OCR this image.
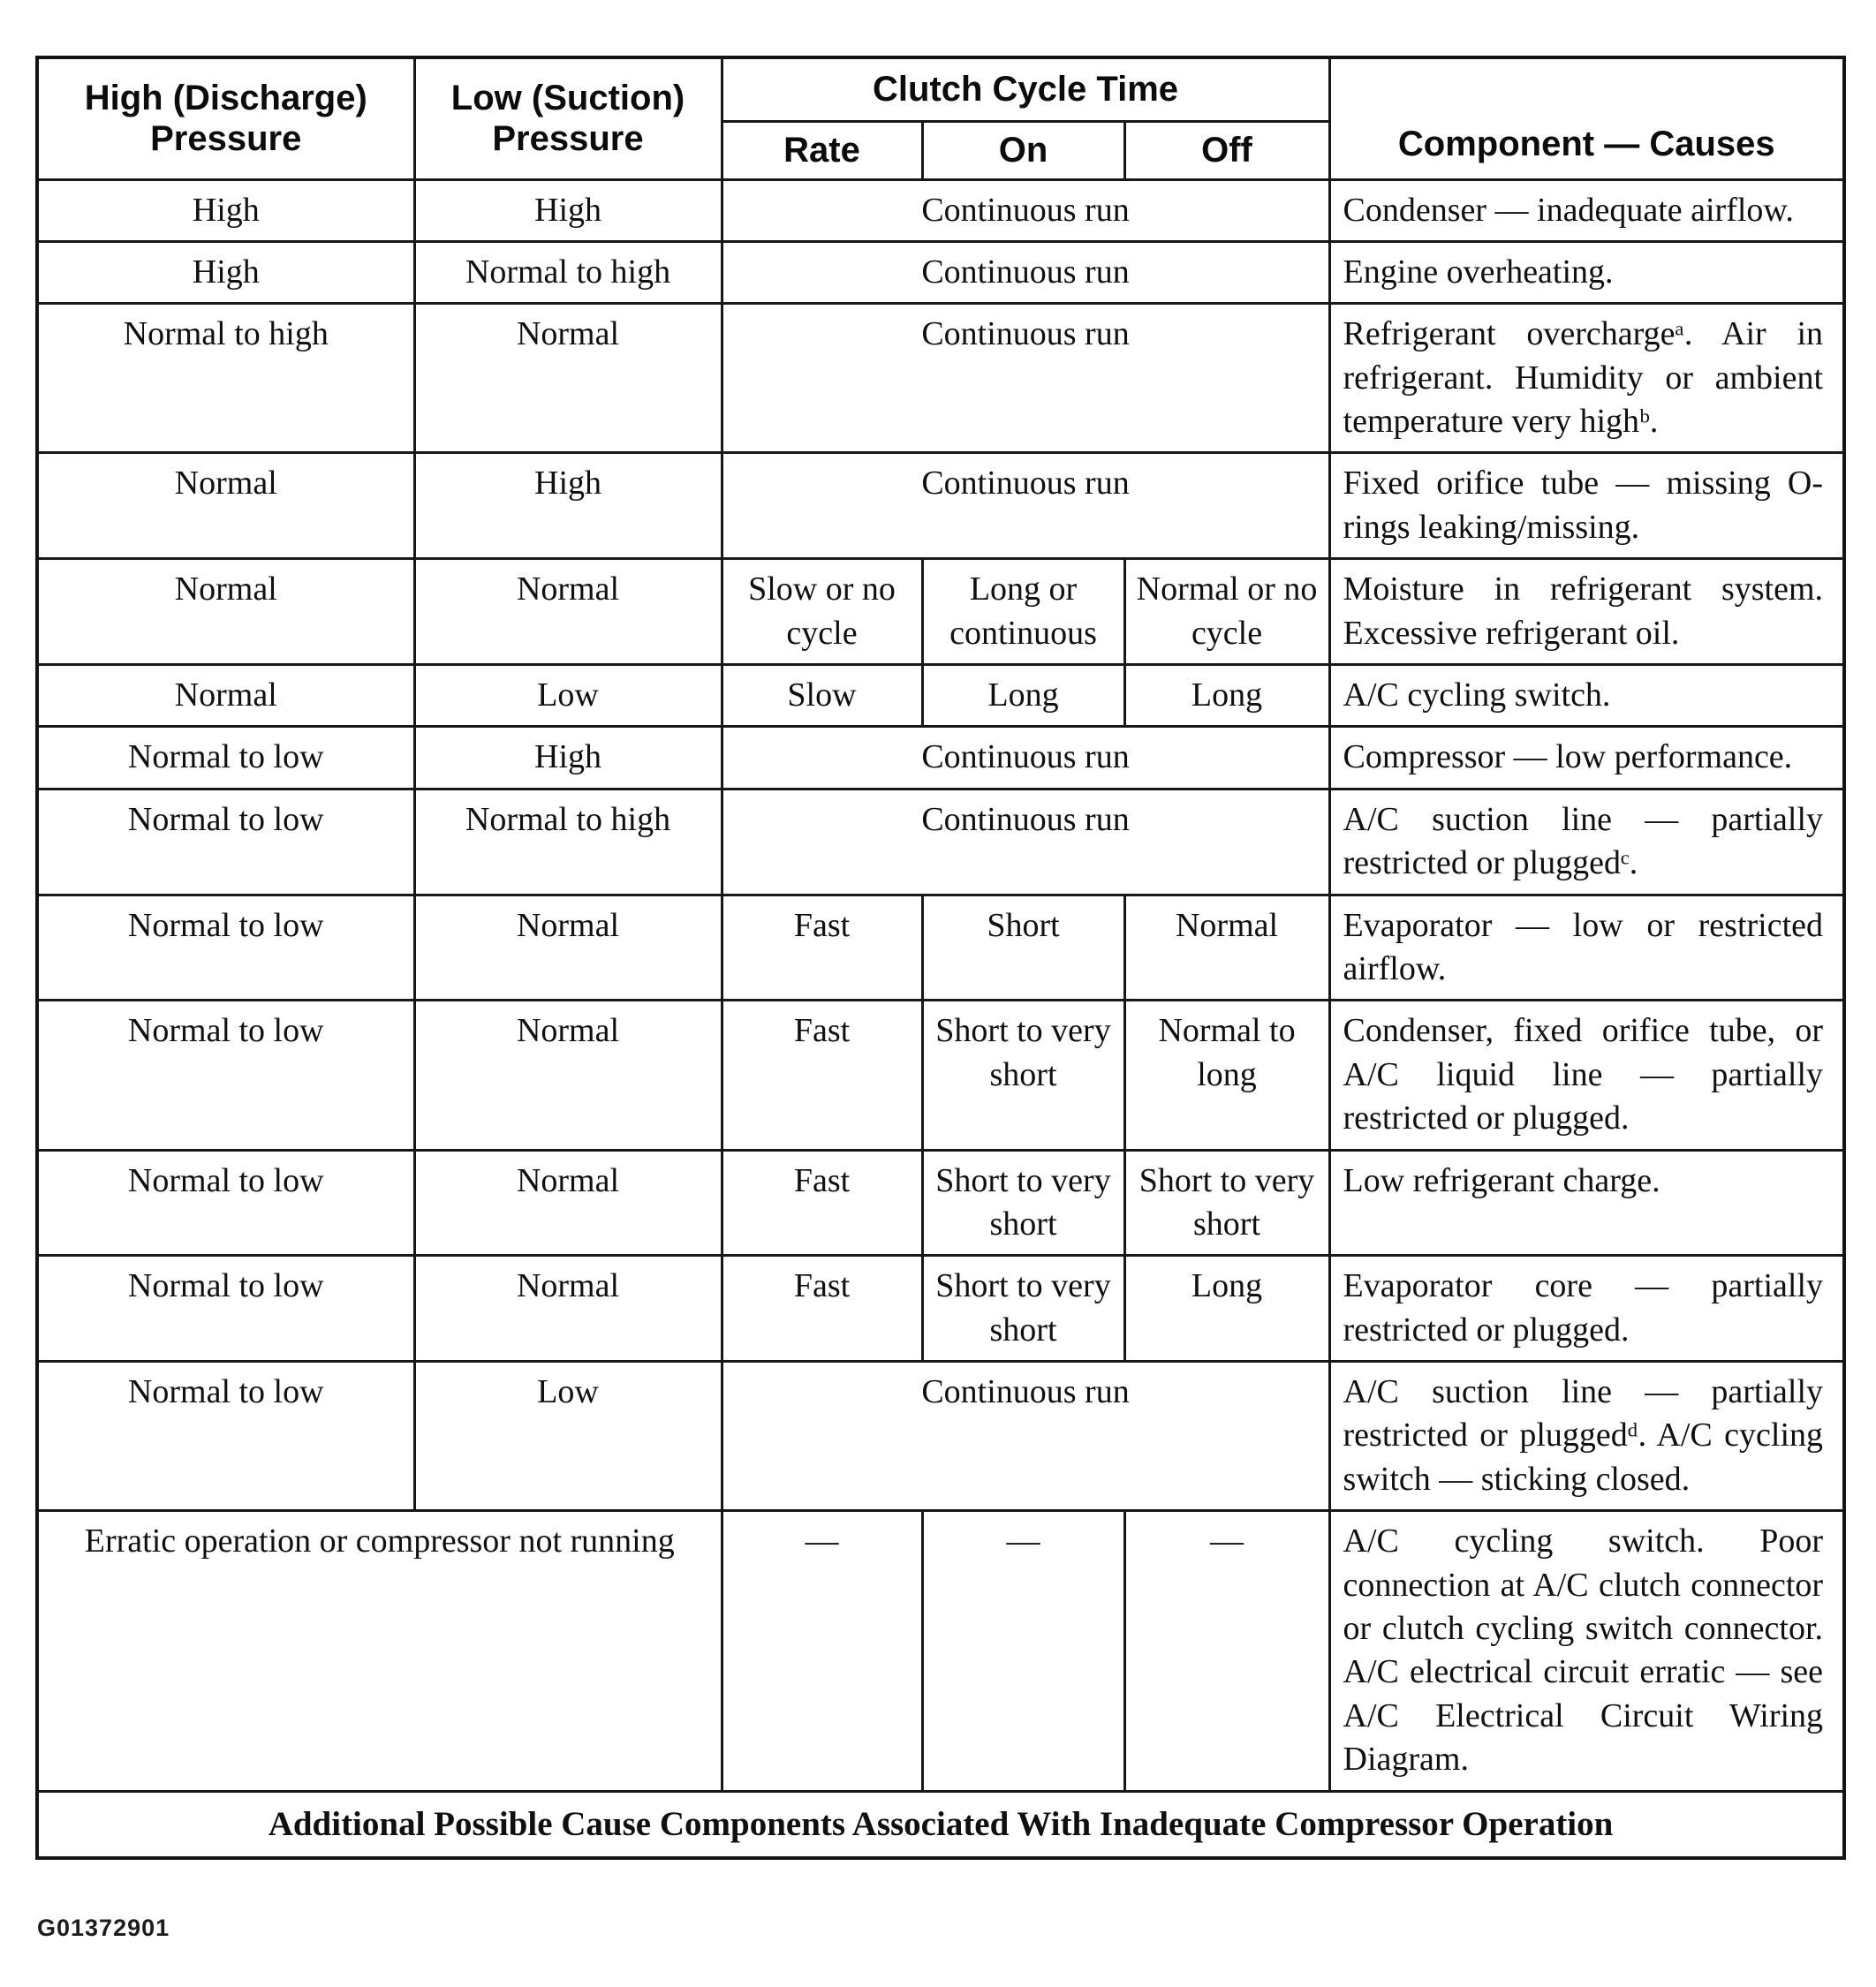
High (Discharge) Pressure	Low (Suction) Pressure	Clutch Cycle Time			Component — Causes
		Rate	On	Off	
High	High	Continuous run			Condenser — inadequate airflow.
High	Normal to high	Continuous run			Engine overheating.
Normal to high	Normal	Continuous run			Refrigerant overchargeᵃ. Air in refrigerant. Humidity or ambient temperature very highᵇ.
Normal	High	Continuous run			Fixed orifice tube — missing O-rings leaking/missing.
Normal	Normal	Slow or no cycle	Long or continuous	Normal or no cycle	Moisture in refrigerant system. Excessive refrigerant oil.
Normal	Low	Slow	Long	Long	A/C cycling switch.
Normal to low	High	Continuous run			Compressor — low performance.
Normal to low	Normal to high	Continuous run			A/C suction line — partially restricted or pluggedᶜ.
Normal to low	Normal	Fast	Short	Normal	Evaporator — low or restricted airflow.
Normal to low	Normal	Fast	Short to very short	Normal to long	Condenser, fixed orifice tube, or A/C liquid line — partially restricted or plugged.
Normal to low	Normal	Fast	Short to very short	Short to very short	Low refrigerant charge.
Normal to low	Normal	Fast	Short to very short	Long	Evaporator core — partially restricted or plugged.
Normal to low	Low	Continuous run			A/C suction line — partially restricted or pluggedᵈ. A/C cycling switch — sticking closed.
Erratic operation or compressor not running		—	—	—	A/C cycling switch. Poor connection at A/C clutch connector or clutch cycling switch connector. A/C electrical circuit erratic — see A/C Electrical Circuit Wiring Diagram.
Additional Possible Cause Components Associated With Inadequate Compressor Operation					
G01372901
